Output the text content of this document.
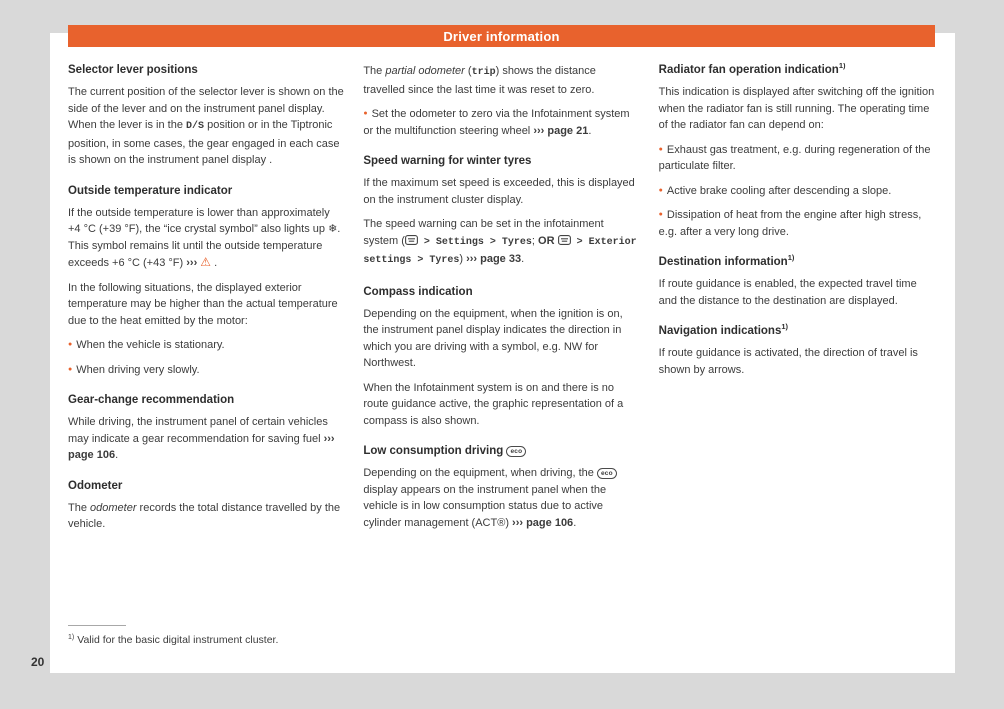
Driver information
Selector lever positions

The current position of the selector lever is shown on the side of the lever and on the instrument panel display. When the lever is in the D/S position or in the Tiptronic position, in some cases, the gear engaged in each case is shown on the instrument panel display .

Outside temperature indicator

If the outside temperature is lower than approximately +4 °C (+39 °F), the “ice crystal symbol” also lights up ❄. This symbol remains lit until the outside temperature exceeds +6 °C (+43 °F) ››› ⚠ .

In the following situations, the displayed exterior temperature may be higher than the actual temperature due to the heat emitted by the motor:

● When the vehicle is stationary.

● When driving very slowly.

Gear-change recommendation

While driving, the instrument panel of certain vehicles may indicate a gear recommendation for saving fuel ››› page 106.

Odometer

The odometer records the total distance travelled by the vehicle.

The partial odometer (trip) shows the distance travelled since the last time it was reset to zero.

● Set the odometer to zero via the Infotainment system or the multifunction steering wheel ››› page 21.

Speed warning for winter tyres

If the maximum set speed is exceeded, this is displayed on the instrument cluster display.

The speed warning can be set in the infotainment system ( > Settings > Tyres; OR  > Exterior settings > Tyres) ››› page 33.

Compass indication

Depending on the equipment, when the ignition is on, the instrument panel display indicates the direction in which you are driving with a symbol, e.g. NW for Northwest.

When the Infotainment system is on and there is no route guidance active, the graphic representation of a compass is also shown.

Low consumption driving eco

Depending on the equipment, when driving, the eco display appears on the instrument panel when the vehicle is in low consumption status due to active cylinder management (ACT®) ››› page 106.

Radiator fan operation indication$^{1)}$

This indication is displayed after switching off the ignition when the radiator fan is still running. The operating time of the radiator fan can depend on:

● Exhaust gas treatment, e.g. during regeneration of the particulate filter.

● Active brake cooling after descending a slope.

● Dissipation of heat from the engine after high stress, e.g. after a very long drive.

Destination information$^{1)}$

If route guidance is enabled, the expected travel time and the distance to the destination are displayed.

Navigation indications$^{1)}$

If route guidance is activated, the direction of travel is shown by arrows.

$^{1)}$ Valid for the basic digital instrument cluster.
20
